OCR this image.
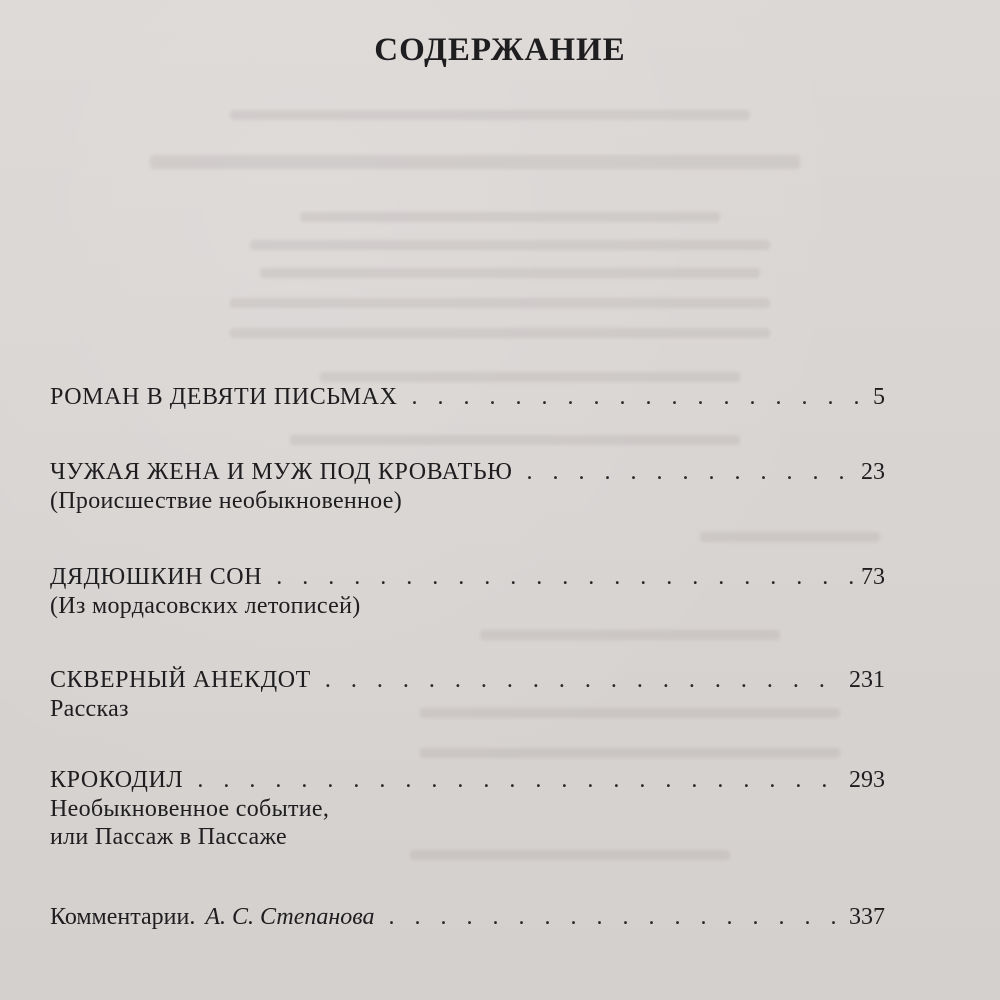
СОДЕРЖАНИЕ
РОМАН В ДЕВЯТИ ПИСЬМАХ . . .	5
ЧУЖАЯ ЖЕНА И МУЖ ПОД КРОВАТЬЮ . . .	23
(Происшествие необыкновенное)
ДЯДЮШКИН СОН . . .	73
(Из мордасовских летописей)
СКВЕРНЫЙ АНЕКДОТ . . .	231
Рассказ
КРОКОДИЛ . . .	293
Необыкновенное событие,
или Пассаж в Пассаже
Комментарии. А. С. Степанова . . .	337
